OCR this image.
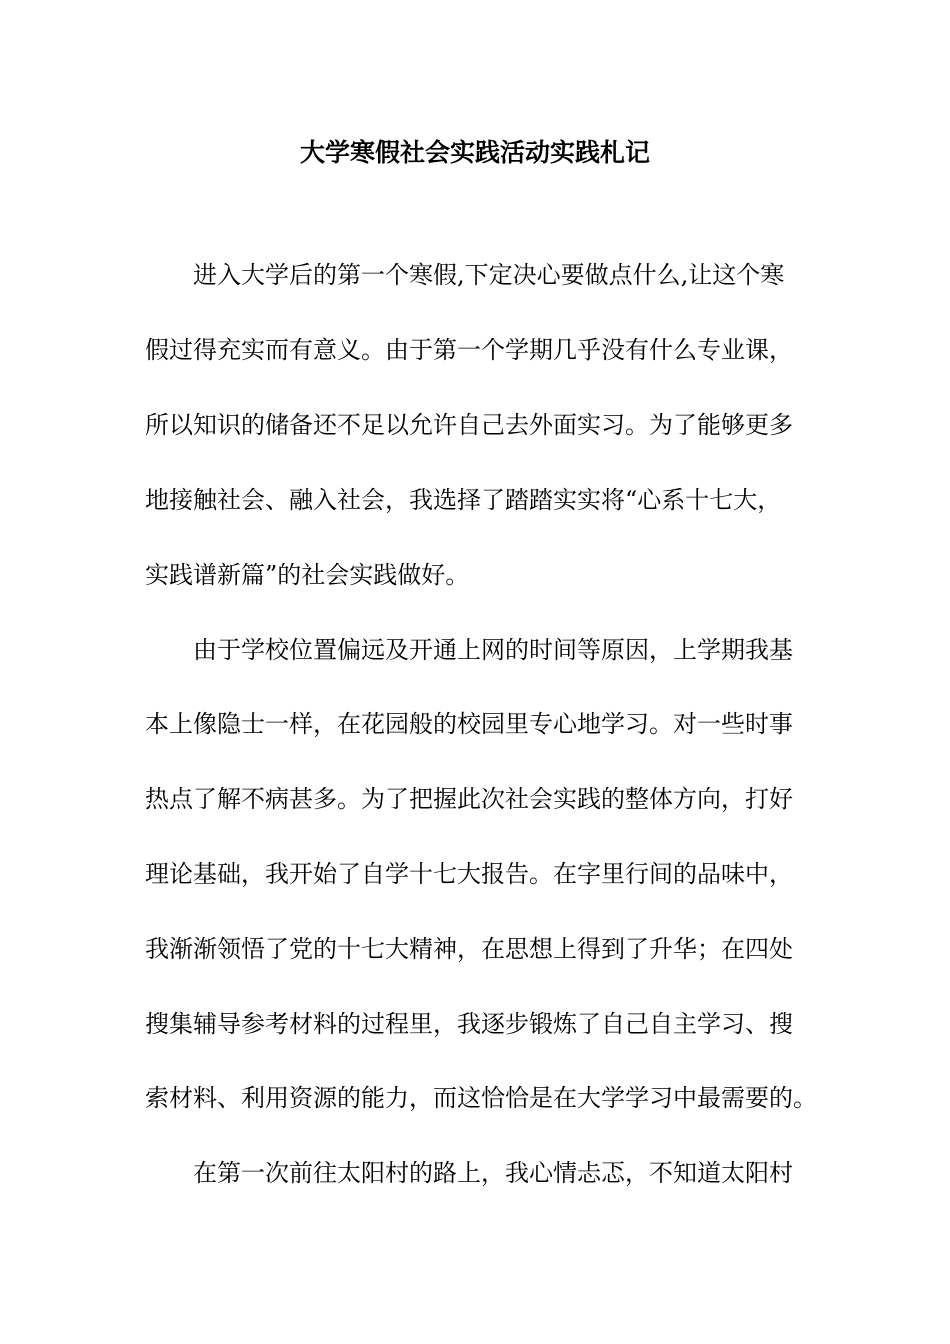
大学寒假社会实践活动实践札记
进入大学后的第一个寒假,下定决心要做点什么,让这个寒
假过得充实而有意义。由于第一个学期几乎没有什么专业课，
所以知识的储备还不足以允许自己去外面实习。为了能够更多
地接触社会、融入社会，我选择了踏踏实实将“心系十七大，
实践谱新篇”的社会实践做好。
由于学校位置偏远及开通上网的时间等原因，上学期我基
本上像隐士一样，在花园般的校园里专心地学习。对一些时事
热点了解不病甚多。为了把握此次社会实践的整体方向，打好
理论基础，我开始了自学十七大报告。在字里行间的品味中，
我渐渐领悟了党的十七大精神，在思想上得到了升华；在四处
搜集辅导参考材料的过程里，我逐步锻炼了自己自主学习、搜
索材料、利用资源的能力，而这恰恰是在大学学习中最需要的。
在第一次前往太阳村的路上，我心情忐忑，不知道太阳村
